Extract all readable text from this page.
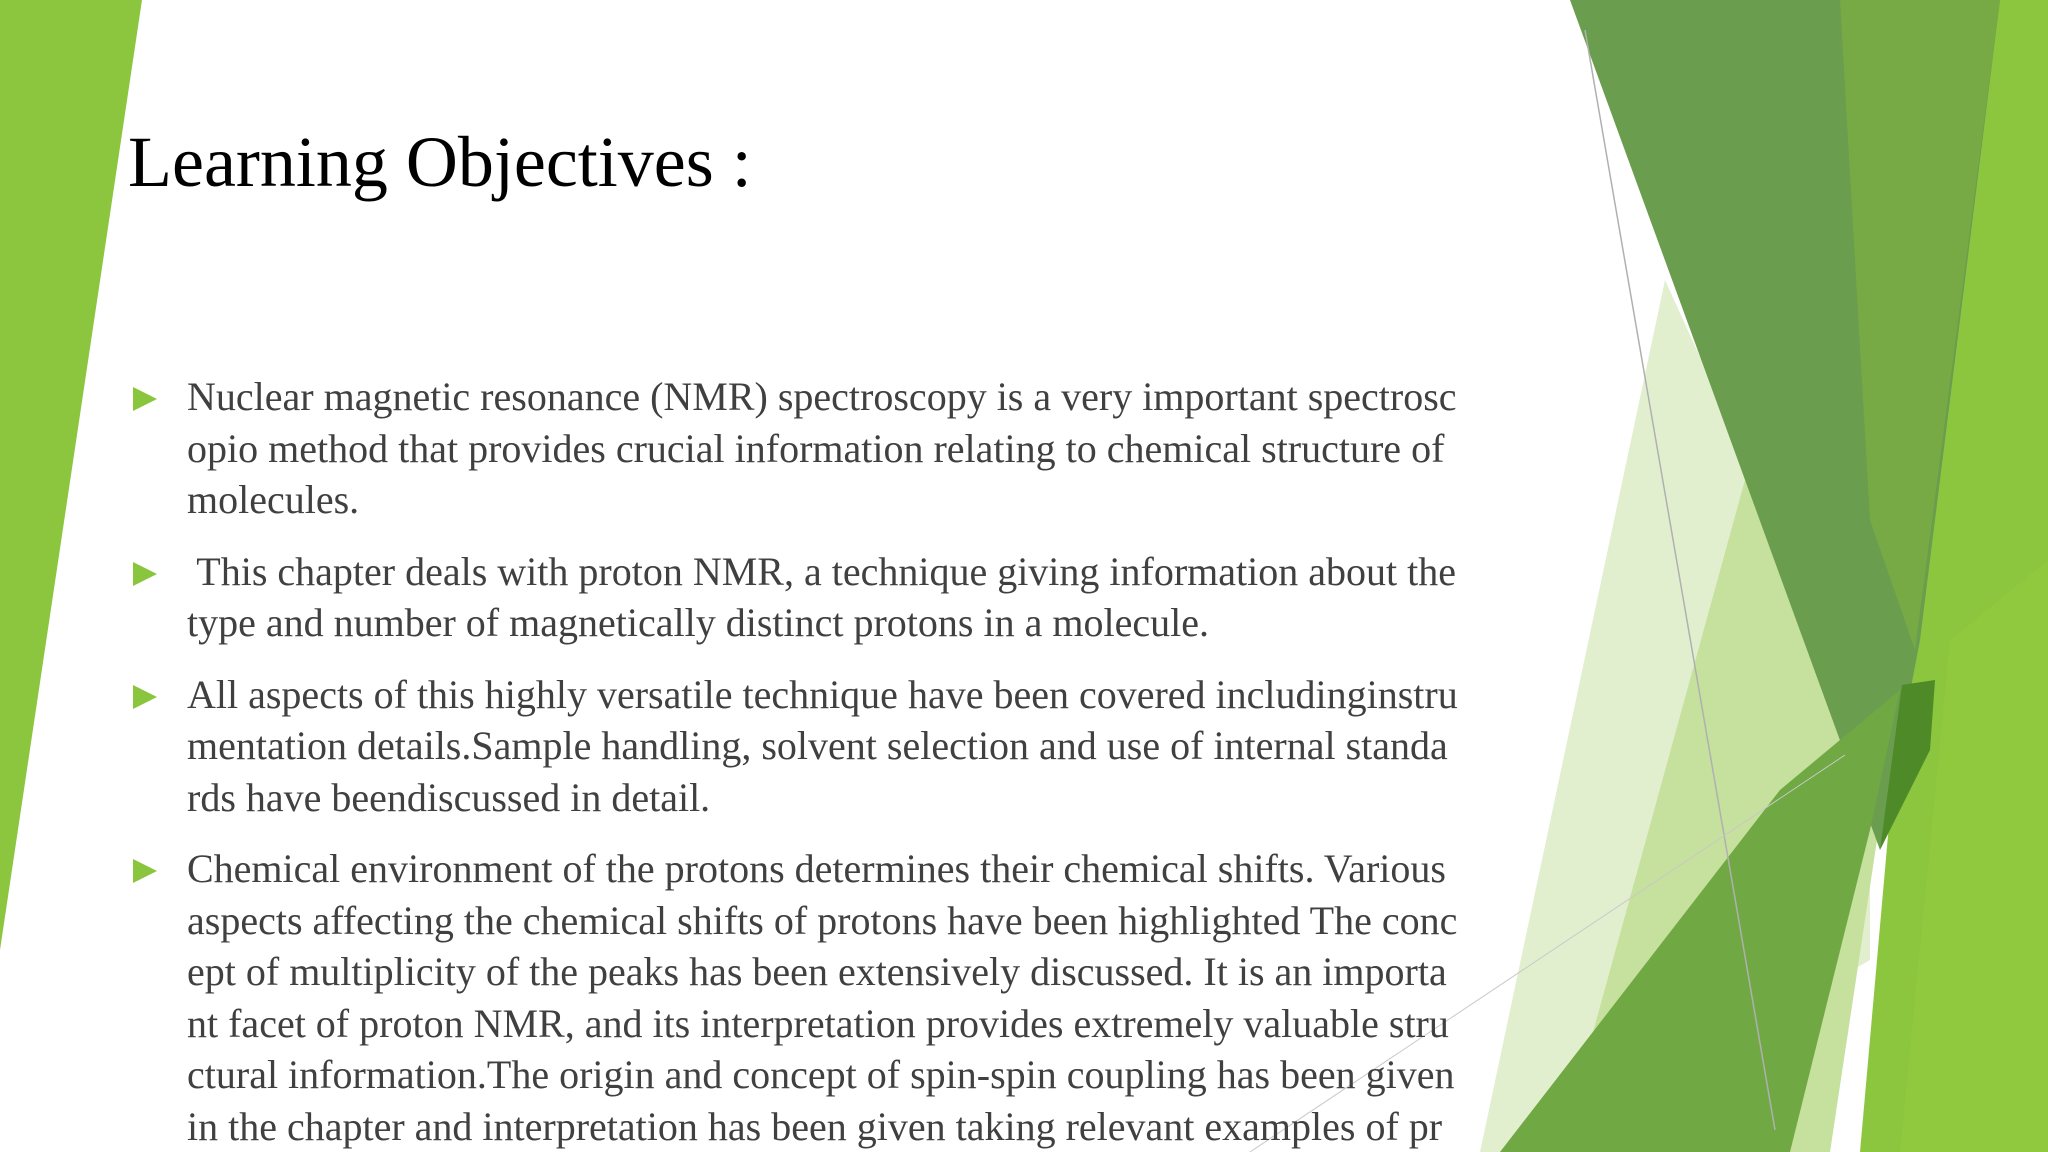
Learning Objectives :
Nuclear magnetic resonance (NMR) spectroscopy is a very important spectrosc
opio method that provides crucial information relating to chemical structure of
molecules.
This chapter deals with proton NMR, a technique giving information about the
type and number of magnetically distinct protons in a molecule.
All aspects of this highly versatile technique have been covered includinginstru
mentation details.Sample handling, solvent selection and use of internal standa
rds have beendiscussed in detail.
Chemical environment of the protons determines their chemical shifts. Various
aspects affecting the chemical shifts of protons have been highlighted The conc
ept of multiplicity of the peaks has been extensively discussed. It is an importa
nt facet of proton NMR, and its interpretation provides extremely valuable stru
ctural information.The origin and concept of spin-spin coupling has been given
in the chapter and interpretation has been given taking relevant examples of pr
